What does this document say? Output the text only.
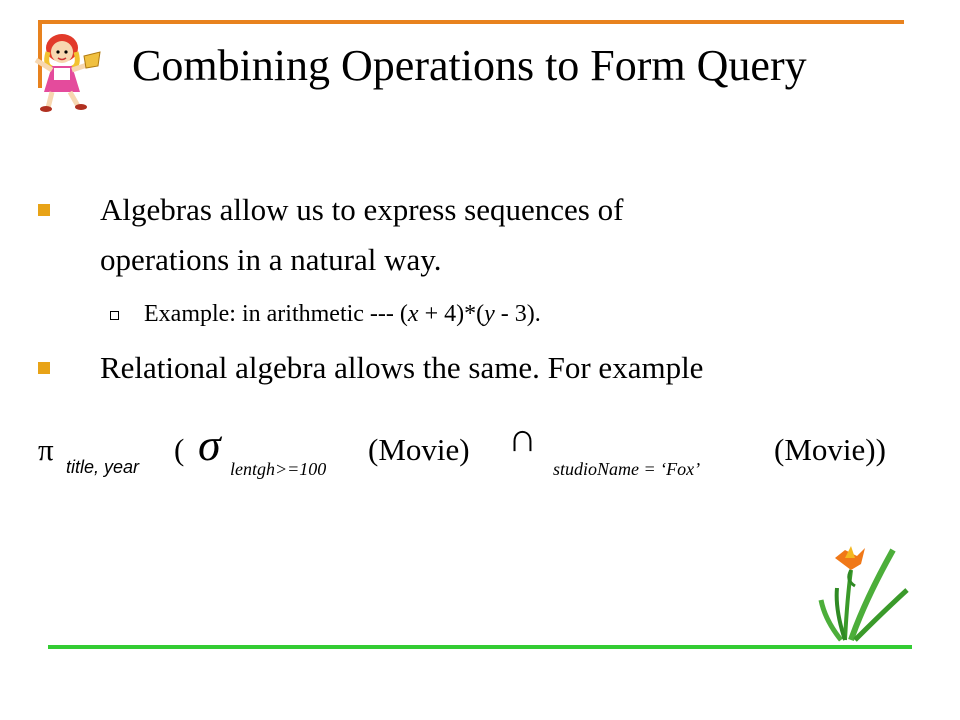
Combining Operations to Form Query
Algebras allow us to express sequences of
operations in a natural way.
Example: in arithmetic --- (x + 4)*(y - 3).
Relational algebra allows the same. For example
π title, year ( σ lentgh>=100
(Movie) ∩
studioName = ‘Fox’
(Movie))
